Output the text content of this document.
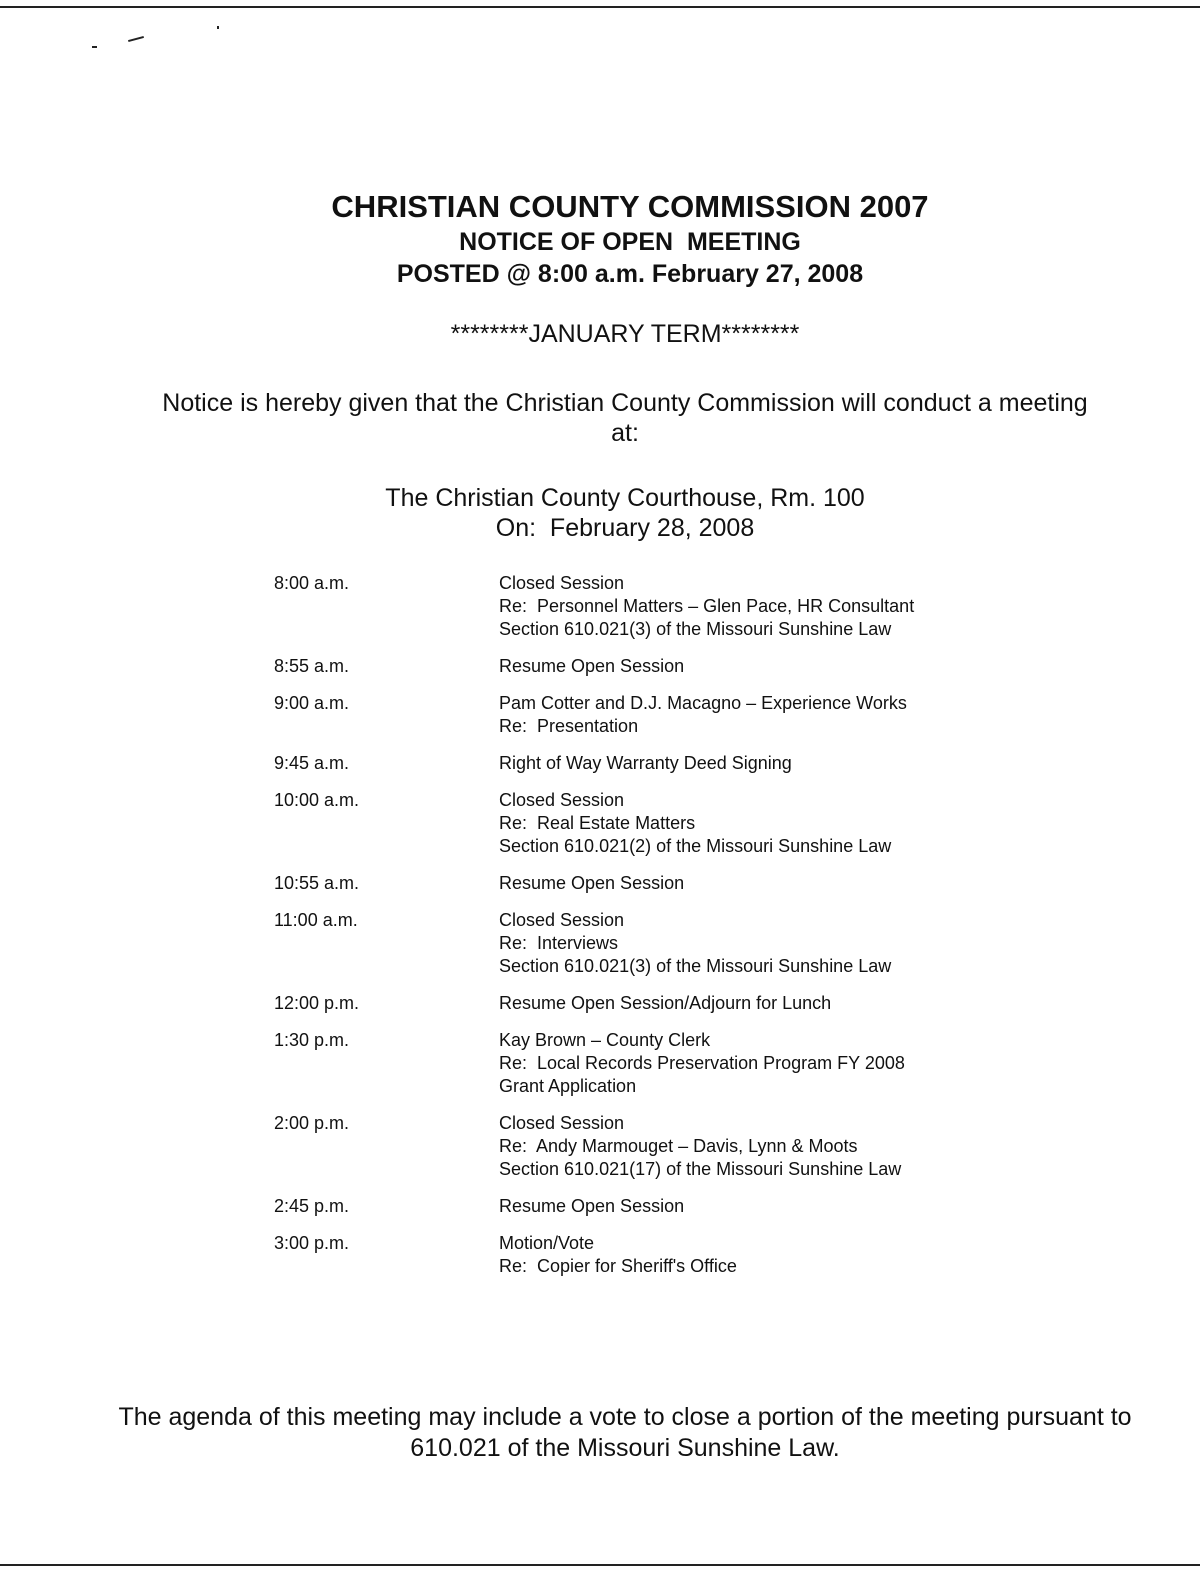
CHRISTIAN COUNTY COMMISSION 2007
NOTICE OF OPEN  MEETING
POSTED @ 8:00 a.m. February 27, 2008
********JANUARY TERM********
Notice is hereby given that the Christian County Commission will conduct a meeting at:
The Christian County Courthouse, Rm. 100
On:  February 28, 2008
8:00 a.m.	Closed Session
Re:  Personnel Matters – Glen Pace, HR Consultant
Section 610.021(3) of the Missouri Sunshine Law
8:55 a.m.	Resume Open Session
9:00 a.m.	Pam Cotter and D.J. Macagno – Experience Works
Re:  Presentation
9:45 a.m.	Right of Way Warranty Deed Signing
10:00 a.m.	Closed Session
Re:  Real Estate Matters
Section 610.021(2) of the Missouri Sunshine Law
10:55 a.m.	Resume Open Session
11:00 a.m.	Closed Session
Re:  Interviews
Section 610.021(3) of the Missouri Sunshine Law
12:00 p.m.	Resume Open Session/Adjourn for Lunch
1:30 p.m.	Kay Brown – County Clerk
Re:  Local Records Preservation Program FY 2008
Grant Application
2:00 p.m.	Closed Session
Re:  Andy Marmouget – Davis, Lynn & Moots
Section 610.021(17) of the Missouri Sunshine Law
2:45 p.m.	Resume Open Session
3:00 p.m.	Motion/Vote
Re:  Copier for Sheriff's Office
The agenda of this meeting may include a vote to close a portion of the meeting pursuant to 610.021 of the Missouri Sunshine Law.
